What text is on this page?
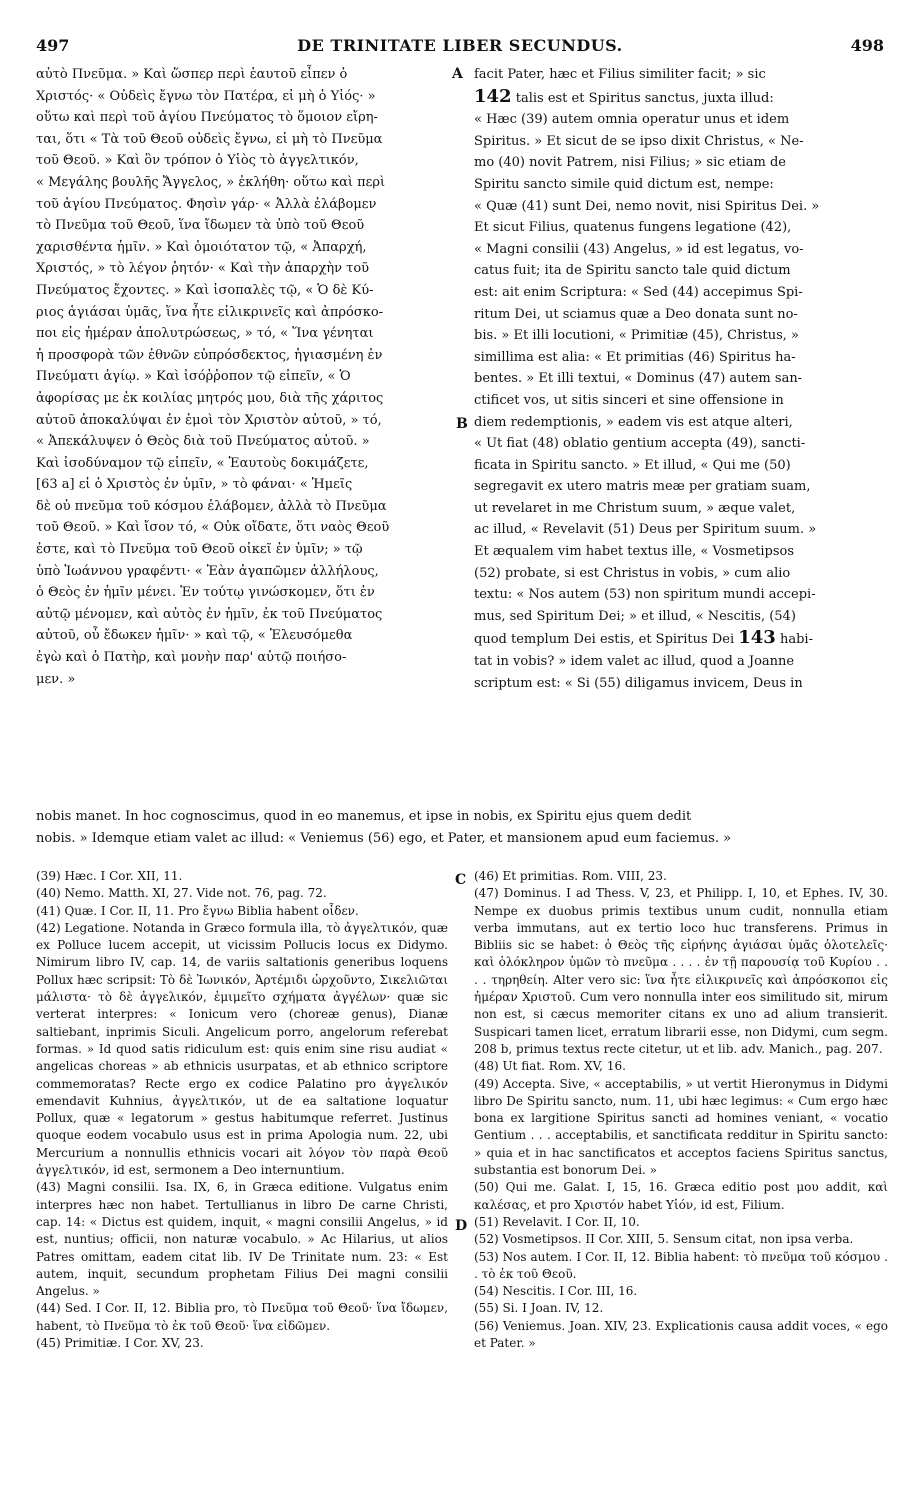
497	DE TRINITATE LIBER SECUNDUS.	498

αὐτὸ Πνεῦμα. » Καὶ ὥσπερ περὶ ἑαυτοῦ εἶπεν ὁ

Χριστός· « Οὐδεὶς ἔγνω τὸν Πατέρα, εἰ μὴ ὁ Υἱός· »

οὕτω καὶ περὶ τοῦ ἁγίου Πνεύματος τὸ ὅμοιον εἴρη-

ται, ὅτι « Τὰ τοῦ Θεοῦ οὐδεὶς ἔγνω, εἰ μὴ τὸ Πνεῦμα

τοῦ Θεοῦ. » Καὶ ὃν τρόπον ὁ Υἱὸς τὸ ἀγγελτικόν,

« Μεγάλης βουλῆς Ἄγγελος, » ἐκλήθη· οὕτω καὶ περὶ

τοῦ ἁγίου Πνεύματος. Φησὶν γάρ· « Ἀλλὰ ἐλάβομεν

τὸ Πνεῦμα τοῦ Θεοῦ, ἵνα ἴδωμεν τὰ ὑπὸ τοῦ Θεοῦ

χαρισθέντα ἡμῖν. » Καὶ ὁμοιότατον τῷ, « Ἀπαρχή,

Χριστός, » τὸ λέγον ῥητόν· « Καὶ τὴν ἀπαρχὴν τοῦ

Πνεύματος ἔχοντες. » Καὶ ἰσοπαλὲς τῷ, « Ὁ δὲ Κύ-

ριος ἁγιάσαι ὑμᾶς, ἵνα ἦτε εἰλικρινεῖς καὶ ἀπρόσκο-

ποι εἰς ἡμέραν ἀπολυτρώσεως, » τό, « Ἵνα γένηται

ἡ προσφορὰ τῶν ἐθνῶν εὐπρόσδεκτος, ἡγιασμένη ἐν

Πνεύματι ἁγίῳ. » Καὶ ἰσόῤῥοπον τῷ εἰπεῖν, « Ὁ

ἀφορίσας με ἐκ κοιλίας μητρός μου, διὰ τῆς χάριτος

αὐτοῦ ἀποκαλύψαι ἐν ἐμοὶ τὸν Χριστὸν αὐτοῦ, » τό,

« Ἀπεκάλυψεν ὁ Θεὸς διὰ τοῦ Πνεύματος αὐτοῦ. »

Καὶ ἰσοδύναμον τῷ εἰπεῖν, « Ἑαυτοὺς δοκιμάζετε,

[63 a] εἰ ὁ Χριστὸς ἐν ὑμῖν, » τὸ φάναι· « Ἡμεῖς

δὲ οὐ πνεῦμα τοῦ κόσμου ἐλάβομεν, ἀλλὰ τὸ Πνεῦμα

τοῦ Θεοῦ. » Καὶ ἴσον τό, « Οὐκ οἴδατε, ὅτι ναὸς Θεοῦ

ἐστε, καὶ τὸ Πνεῦμα τοῦ Θεοῦ οἰκεῖ ἐν ὑμῖν; » τῷ

ὑπὸ Ἰωάννου γραφέντι· « Ἐὰν ἀγαπῶμεν ἀλλήλους,

ὁ Θεὸς ἐν ἡμῖν μένει. Ἐν τούτῳ γινώσκομεν, ὅτι ἐν

αὐτῷ μένομεν, καὶ αὐτὸς ἐν ἡμῖν, ἐκ τοῦ Πνεύματος

αὐτοῦ, οὗ ἔδωκεν ἡμῖν· » καὶ τῷ, « Ἐλευσόμεθα

ἐγὼ καὶ ὁ Πατὴρ, καὶ μονὴν παρ' αὐτῷ ποιήσο-

μεν. »

A
B
C
D

facit Pater, hæc et Filius similiter facit; » sic

142 talis est et Spiritus sanctus, juxta illud:

« Hæc (39) autem omnia operatur unus et idem

Spiritus. » Et sicut de se ipso dixit Christus, « Ne-

mo (40) novit Patrem, nisi Filius; » sic etiam de

Spiritu sancto simile quid dictum est, nempe:

« Quæ (41) sunt Dei, nemo novit, nisi Spiritus Dei. »

Et sicut Filius, quatenus fungens legatione (42),

« Magni consilii (43) Angelus, » id est legatus, vo-

catus fuit; ita de Spiritu sancto tale quid dictum

est: ait enim Scriptura: « Sed (44) accepimus Spi-

ritum Dei, ut sciamus quæ a Deo donata sunt no-

bis. » Et illi locutioni, « Primitiæ (45), Christus, »

simillima est alia: « Et primitias (46) Spiritus ha-

bentes. » Et illi textui, « Dominus (47) autem san-

ctificet vos, ut sitis sinceri et sine offensione in

diem redemptionis, » eadem vis est atque alteri,

« Ut fiat (48) oblatio gentium accepta (49), sancti-

ficata in Spiritu sancto. » Et illud, « Qui me (50)

segregavit ex utero matris meæ per gratiam suam,

ut revelaret in me Christum suum, » æque valet,

ac illud, « Revelavit (51) Deus per Spiritum suum. »

Et æqualem vim habet textus ille, « Vosmetipsos

(52) probate, si est Christus in vobis, » cum alio

textu: « Nos autem (53) non spiritum mundi accepi-

mus, sed Spiritum Dei; » et illud, « Nescitis, (54)

quod templum Dei estis, et Spiritus Dei 143 habi-

tat in vobis? » idem valet ac illud, quod a Joanne

scriptum est: « Si (55) diligamus invicem, Deus in

nobis manet. In hoc cognoscimus, quod in eo manemus, et ipse in nobis, ex Spiritu ejus quem dedit

nobis. » Idemque etiam valet ac illud: « Veniemus (56) ego, et Pater, et mansionem apud eum faciemus. »

(39) Hæc. I Cor. XII, 11.

(40) Nemo. Matth. XI, 27. Vide not. 76, pag. 72.

(41) Quæ. I Cor. II, 11. Pro ἔγνω Biblia habent οἶδεν.

(42) Legatione. Notanda in Græco formula illa, τὸ ἀγγελτικόν, quæ ex Polluce lucem accepit, ut vicissim Pollucis locus ex Didymo. Nimirum libro IV, cap. 14, de variis saltationis generibus loquens Pollux hæc scripsit: Τὸ δὲ Ἰωνικόν, Ἀρτέμιδι ὠρχοῦντο, Σικελιῶται μάλιστα· τὸ δὲ ἀγγελικόν, ἐμιμεῖτο σχήματα ἀγγέλων· quæ sic verterat interpres: « Ionicum vero (choreæ genus), Dianæ saltiebant, inprimis Siculi. Angelicum porro, angelorum referebat formas. » Id quod satis ridiculum est: quis enim sine risu audiat « angelicas choreas » ab ethnicis usurpatas, et ab ethnico scriptore commemoratas? Recte ergo ex codice Palatino pro ἀγγελικόν emendavit Kuhnius, ἀγγελτικόν, ut de ea saltatione loquatur Pollux, quæ « legatorum » gestus habitumque referret. Justinus quoque eodem vocabulo usus est in prima Apologia num. 22, ubi Mercurium a nonnullis ethnicis vocari ait λόγον τὸν παρὰ Θεοῦ ἀγγελτικόν, id est, sermonem a Deo internuntium.

(43) Magni consilii. Isa. IX, 6, in Græca editione. Vulgatus enim interpres hæc non habet. Tertullianus in libro De carne Christi, cap. 14: « Dictus est quidem, inquit, « magni consilii Angelus, » id est, nuntius; officii, non naturæ vocabulo. » Ac Hilarius, ut alios Patres omittam, eadem citat lib. IV De Trinitate num. 23: « Est autem, inquit, secundum prophetam Filius Dei magni consilii Angelus. »

(44) Sed. I Cor. II, 12. Biblia pro, τὸ Πνεῦμα τοῦ Θεοῦ· ἵνα ἴδωμεν, habent, τὸ Πνεῦμα τὸ ἐκ τοῦ Θεοῦ· ἵνα εἰδῶμεν.

(45) Primitiæ. I Cor. XV, 23.

(46) Et primitias. Rom. VIII, 23.

(47) Dominus. I ad Thess. V, 23, et Philipp. I, 10, et Ephes. IV, 30. Nempe ex duobus primis textibus unum cudit, nonnulla etiam verba immutans, aut ex tertio loco huc transferens. Primus in Bibliis sic se habet: ὁ Θεὸς τῆς εἰρήνης ἁγιάσαι ὑμᾶς ὁλοτελεῖς· καὶ ὁλόκληρον ὑμῶν τὸ πνεῦμα . . . . ἐν τῇ παρουσίᾳ τοῦ Κυρίου . . . . τηρηθείη. Alter vero sic: ἵνα ἦτε εἰλικρινεῖς καὶ ἀπρόσκοποι εἰς ἡμέραν Χριστοῦ. Cum vero nonnulla inter eos similitudo sit, mirum non est, si cæcus memoriter citans ex uno ad alium transierit. Suspicari tamen licet, erratum librarii esse, non Didymi, cum segm. 208 b, primus textus recte citetur, ut et lib. adv. Manich., pag. 207.

(48) Ut fiat. Rom. XV, 16.

(49) Accepta. Sive, « acceptabilis, » ut vertit Hieronymus in Didymi libro De Spiritu sancto, num. 11, ubi hæc legimus: « Cum ergo hæc bona ex largitione Spiritus sancti ad homines veniant, « vocatio Gentium . . . acceptabilis, et sanctificata redditur in Spiritu sancto: » quia et in hac sanctificatos et acceptos faciens Spiritus sanctus, substantia est bonorum Dei. »

(50) Qui me. Galat. I, 15, 16. Græca editio post μου addit, καὶ καλέσας, et pro Χριστόν habet Υἱόν, id est, Filium.

(51) Revelavit. I Cor. II, 10.

(52) Vosmetipsos. II Cor. XIII, 5. Sensum citat, non ipsa verba.

(53) Nos autem. I Cor. II, 12. Biblia habent: τὸ πνεῦμα τοῦ κόσμου . . τὸ ἐκ τοῦ Θεοῦ.

(54) Nescitis. I Cor. III, 16.

(55) Si. I Joan. IV, 12.

(56) Veniemus. Joan. XIV, 23. Explicationis causa addit voces, « ego et Pater. »
